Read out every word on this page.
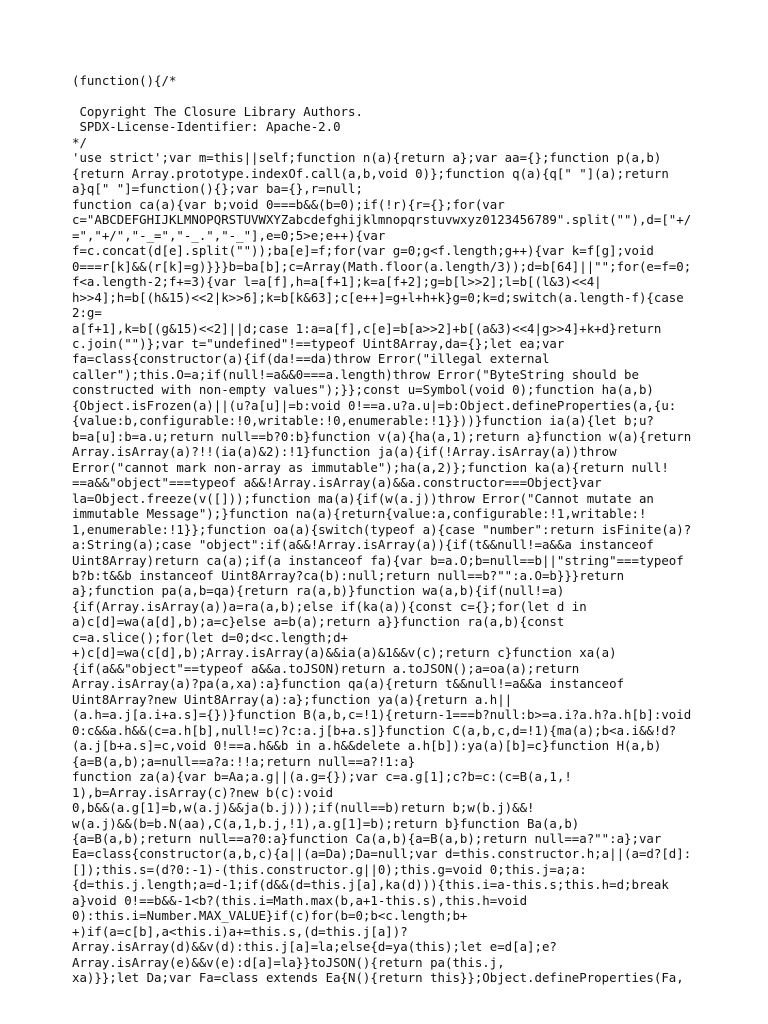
(function(){/*
Copyright The Closure Library Authors.
SPDX-License-Identifier: Apache-2.0
*/
'use strict';var m=this||self;function n(a){return a};var aa={};function p(a,b)
{return Array.prototype.indexOf.call(a,b,void 0)};function q(a){q[" "](a);return
a}q[" "]=function(){};var ba={},r=null;
function ca(a){var b;void 0===b&&(b=0);if(!r){r={};for(var
c="ABCDEFGHIJKLMNOPQRSTUVWXYZabcdefghijklmnopqrstuvwxyz0123456789".split(""),d=["+/
=","+/","-_=","-_.","-_"],e=0;5>e;e++){var
f=c.concat(d[e].split(""));ba[e]=f;for(var g=0;g<f.length;g++){var k=f[g];void
0===r[k]&&(r[k]=g)}}}b=ba[b];c=Array(Math.floor(a.length/3));d=b[64]||"";for(e=f=0;
f<a.length-2;f+=3){var l=a[f],h=a[f+1];k=a[f+2];g=b[l>>2];l=b[(l&3)<<4|
h>>4];h=b[(h&15)<<2|k>>6];k=b[k&63];c[e++]=g+l+h+k}g=0;k=d;switch(a.length-f){case
2:g=
a[f+1],k=b[(g&15)<<2]||d;case 1:a=a[f],c[e]=b[a>>2]+b[(a&3)<<4|g>>4]+k+d}return
c.join("")};var t="undefined"!==typeof Uint8Array,da={};let ea;var
fa=class{constructor(a){if(da!==da)throw Error("illegal external
caller");this.O=a;if(null!=a&&0===a.length)throw Error("ByteString should be
constructed with non-empty values");}};const u=Symbol(void 0);function ha(a,b)
{Object.isFrozen(a)||(u?a[u]|=b:void 0!==a.u?a.u|=b:Object.defineProperties(a,{u:
{value:b,configurable:!0,writable:!0,enumerable:!1}}))}function ia(a){let b;u?
b=a[u]:b=a.u;return null==b?0:b}function v(a){ha(a,1);return a}function w(a){return
Array.isArray(a)?!!(ia(a)&2):!1}function ja(a){if(!Array.isArray(a))throw
Error("cannot mark non-array as immutable");ha(a,2)};function ka(a){return null!
==a&&"object"===typeof a&&!Array.isArray(a)&&a.constructor===Object}var
la=Object.freeze(v([]));function ma(a){if(w(a.j))throw Error("Cannot mutate an
immutable Message");}function na(a){return{value:a,configurable:!1,writable:!
1,enumerable:!1}};function oa(a){switch(typeof a){case "number":return isFinite(a)?
a:String(a);case "object":if(a&&!Array.isArray(a)){if(t&&null!=a&&a instanceof
Uint8Array)return ca(a);if(a instanceof fa){var b=a.O;b=null==b||"string"===typeof
b?b:t&&b instanceof Uint8Array?ca(b):null;return null==b?"":a.O=b}}}return
a};function pa(a,b=qa){return ra(a,b)}function wa(a,b){if(null!=a)
{if(Array.isArray(a))a=ra(a,b);else if(ka(a)){const c={};for(let d in
a)c[d]=wa(a[d],b);a=c}else a=b(a);return a}}function ra(a,b){const
c=a.slice();for(let d=0;d<c.length;d+
+)c[d]=wa(c[d],b);Array.isArray(a)&&ia(a)&1&&v(c);return c}function xa(a)
{if(a&&"object"==typeof a&&a.toJSON)return a.toJSON();a=oa(a);return
Array.isArray(a)?pa(a,xa):a}function qa(a){return t&&null!=a&&a instanceof
Uint8Array?new Uint8Array(a):a};function ya(a){return a.h||
(a.h=a.j[a.i+a.s]={})}function B(a,b,c=!1){return-1===b?null:b>=a.i?a.h?a.h[b]:void
0:c&&a.h&&(c=a.h[b],null!=c)?c:a.j[b+a.s]}function C(a,b,c,d=!1){ma(a);b<a.i&&!d?
(a.j[b+a.s]=c,void 0!==a.h&&b in a.h&&delete a.h[b]):ya(a)[b]=c}function H(a,b)
{a=B(a,b);a=null==a?a:!!a;return null==a?!1:a}
function za(a){var b=Aa;a.g||(a.g={});var c=a.g[1];c?b=c:(c=B(a,1,!
1),b=Array.isArray(c)?new b(c):void
0,b&&(a.g[1]=b,w(a.j)&&ja(b.j)));if(null==b)return b;w(b.j)&&!
w(a.j)&&(b=b.N(aa),C(a,1,b.j,!1),a.g[1]=b);return b}function Ba(a,b)
{a=B(a,b);return null==a?0:a}function Ca(a,b){a=B(a,b);return null==a?"":a};var
Ea=class{constructor(a,b,c){a||(a=Da);Da=null;var d=this.constructor.h;a||(a=d?[d]:
[]);this.s=(d?0:-1)-(this.constructor.g||0);this.g=void 0;this.j=a;a:
{d=this.j.length;a=d-1;if(d&&(d=this.j[a],ka(d))){this.i=a-this.s;this.h=d;break
a}void 0!==b&&-1<b?(this.i=Math.max(b,a+1-this.s),this.h=void
0):this.i=Number.MAX_VALUE}if(c)for(b=0;b<c.length;b+
+)if(a=c[b],a<this.i)a+=this.s,(d=this.j[a])?
Array.isArray(d)&&v(d):this.j[a]=la;else{d=ya(this);let e=d[a];e?
Array.isArray(e)&&v(e):d[a]=la}}toJSON(){return pa(this.j,
xa)}};let Da;var Fa=class extends Ea{N(){return this}};Object.defineProperties(Fa,
